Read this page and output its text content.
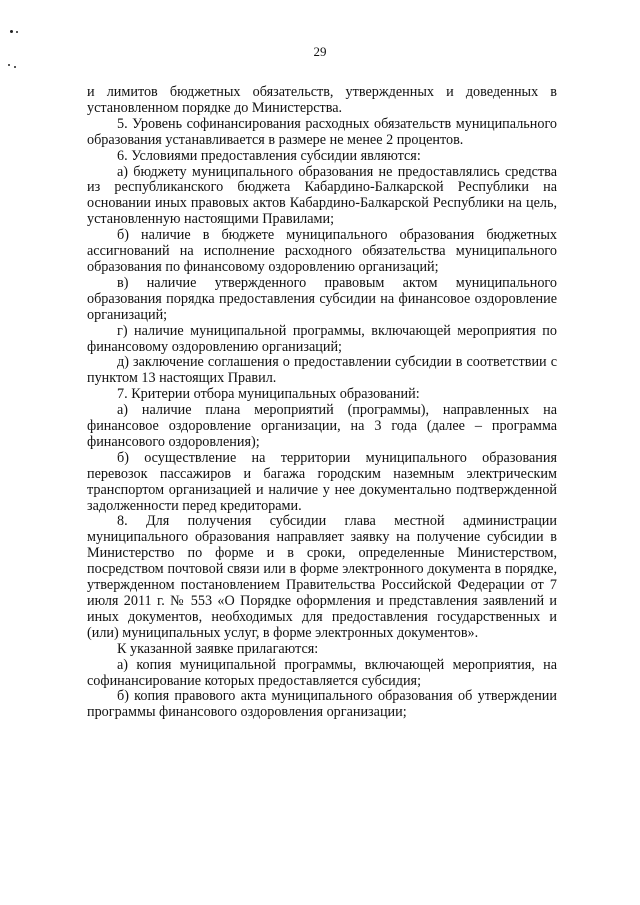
29

и лимитов бюджетных обязательств, утвержденных и доведенных в установленном порядке до Министерства.

5. Уровень софинансирования расходных обязательств муниципального образования устанавливается в размере не менее 2 процентов.

6. Условиями предоставления субсидии являются:

а) бюджету муниципального образования не предоставлялись средства из республиканского бюджета Кабардино-Балкарской Республики на основании иных правовых актов Кабардино-Балкарской Республики на цель, установленную настоящими Правилами;

б) наличие в бюджете муниципального образования бюджетных ассигнований на исполнение расходного обязательства муниципального образования по финансовому оздоровлению организаций;

в) наличие утвержденного правовым актом муниципального образования порядка предоставления субсидии на финансовое оздоровление организаций;

г) наличие муниципальной программы, включающей мероприятия по финансовому оздоровлению организаций;

д) заключение соглашения о предоставлении субсидии в соответствии с пунктом 13 настоящих Правил.

7. Критерии отбора муниципальных образований:

а) наличие плана мероприятий (программы), направленных на финансовое оздоровление организации, на 3 года (далее – программа финансового оздоровления);

б) осуществление на территории муниципального образования перевозок пассажиров и багажа городским наземным электрическим транспортом организацией и наличие у нее документально подтвержденной задолженности перед кредиторами.

8. Для получения субсидии глава местной администрации муниципального образования направляет заявку на получение субсидии в Министерство по форме и в сроки, определенные Министерством, посредством почтовой связи или в форме электронного документа в порядке, утвержденном постановлением Правительства Российской Федерации от 7 июля 2011 г. № 553 «О Порядке оформления и представления заявлений и иных документов, необходимых для предоставления государственных и (или) муниципальных услуг, в форме электронных документов».

К указанной заявке прилагаются:

а) копия муниципальной программы, включающей мероприятия, на софинансирование которых предоставляется субсидия;

б) копия правового акта муниципального образования об утверждении программы финансового оздоровления организации;
